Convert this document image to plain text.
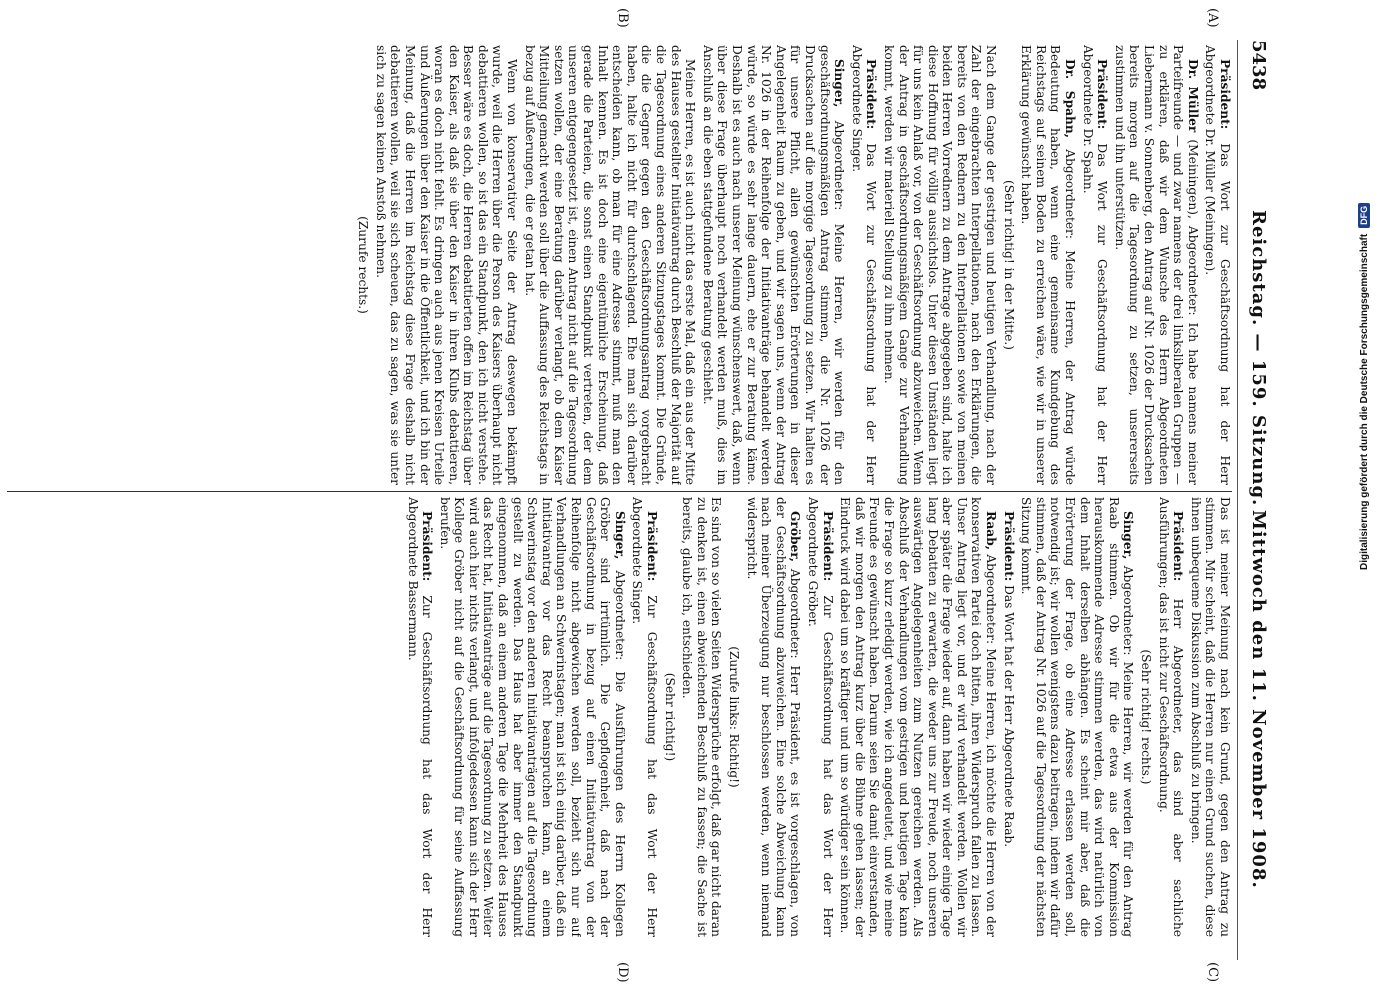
5438
Reichstag. — 159. Sitzung.
Mittwoch den 11. November 1908.
(A)
(B)
(C)
(D)

Präsident: Das Wort zur Geschäftsordnung hat der Herr Abgeordnete Dr. Müller (Meiningen).

Dr. Müller (Meiningen), Abgeordneter: Ich habe namens meiner Parteifreunde — und zwar namens der drei linksliberalen Gruppen — zu erklären, daß wir dem Wunsche des Herrn Abgeordneten Liebermann v. Sonnenberg, den Antrag auf Nr. 1026 der Drucksachen bereits morgen auf die Tagesordnung zu setzen, unsererseits zustimmen und ihn unterstützen.

Präsident: Das Wort zur Geschäftsordnung hat der Herr Abgeordnete Dr. Spahn.

Dr. Spahn, Abgeordneter: Meine Herren, der Antrag würde Bedeutung haben, wenn eine gemeinsame Kundgebung des Reichstags auf seinem Boden zu erreichen wäre, wie wir in unserer Erklärung gewünscht haben.

(Sehr richtig! in der Mitte.)

Nach dem Gange der gestrigen und heutigen Verhandlung, nach der Zahl der eingebrachten Interpellationen, nach den Erklärungen, die bereits von den Rednern zu den Interpellationen sowie von meinen beiden Herren Vorrednern zu dem Antrage abgegeben sind, halte ich diese Hoffnung für völlig aussichtslos. Unter diesen Umständen liegt für uns kein Anlaß vor, von der Geschäftsordnung abzuweichen. Wenn der Antrag in geschäftsordnungsmäßigem Gange zur Verhandlung kommt, werden wir materiell Stellung zu ihm nehmen.

Präsident: Das Wort zur Geschäftsordnung hat der Herr Abgeordnete Singer.

Singer, Abgeordneter: Meine Herren, wir werden für den geschäftsordnungsmäßigen Antrag stimmen, die Nr. 1026 der Drucksachen auf die morgige Tagesordnung zu setzen. Wir halten es für unsere Pflicht, allen gewünschten Erörterungen in dieser Angelegenheit Raum zu geben, und wir sagen uns, wenn der Antrag Nr. 1026 in der Reihenfolge der Initiativanträge behandelt werden würde, so würde es sehr lange dauern, ehe er zur Beratung käme. Deshalb ist es auch nach unserer Meinung wünschenswert, daß, wenn über diese Frage überhaupt noch verhandelt werden muß, dies im Anschluß an die eben stattgefundene Beratung geschieht.

Meine Herren, es ist auch nicht das erste Mal, daß ein aus der Mitte des Hauses gestellter Initiativantrag durch Beschluß der Majorität auf die Tagesordnung eines anderen Sitzungstages kommt. Die Gründe, die die Gegner gegen den Geschäftsordnungsantrag vorgebracht haben, halte ich nicht für durchschlagend. Ehe man sich darüber entscheiden kann, ob man für eine Adresse stimmt, muß man den Inhalt kennen. Es ist doch eine eigentümliche Erscheinung, daß gerade die Parteien, die sonst einen Standpunkt vertreten, der dem unseren entgegengesetzt ist, einen Antrag nicht auf die Tagesordnung setzen wollen, der eine Beratung darüber verlangt, ob dem Kaiser Mitteilung gemacht werden soll über die Auffassung des Reichstags in bezug auf Äußerungen, die er getan hat.

Wenn von konservativer Seite der Antrag deswegen bekämpft wurde, weil die Herren über die Person des Kaisers überhaupt nicht debattieren wollen, so ist das ein Standpunkt, den ich nicht verstehe. Besser wäre es doch, die Herren debattierten offen im Reichstag über den Kaiser, als daß sie über den Kaiser in ihren Klubs debattieren, woran es doch nicht fehlt. Es dringen auch aus jenen Kreisen Urteile und Äußerungen über den Kaiser in die Öffentlichkeit, und ich bin der Meinung, daß die Herren im Reichstag diese Frage deshalb nicht debattieren wollen, weil sie sich scheuen, das zu sagen, was sie unter sich zu sagen keinen Anstoß nehmen.

(Zurufe rechts.)

Das ist meiner Meinung nach kein Grund, gegen den Antrag zu stimmen. Mir scheint, daß die Herren nur einen Grund suchen, diese ihnen unbequeme Diskussion zum Abschluß zu bringen.

Präsident: Herr Abgeordneter, das sind aber sachliche Ausführungen; das ist nicht zur Geschäftsordnung.

(Sehr richtig! rechts.)

Singer, Abgeordneter: Meine Herren, wir werden für den Antrag Raab stimmen. Ob wir für die etwa aus der Kommission herauskommende Adresse stimmen werden, das wird natürlich von dem Inhalt derselben abhängen. Es scheint mir aber, daß die Erörterung der Frage, ob eine Adresse erlassen werden soll, notwendig ist; wir wollen wenigstens dazu beitragen, indem wir dafür stimmen, daß der Antrag Nr. 1026 auf die Tagesordnung der nächsten Sitzung kommt.

Präsident: Das Wort hat der Herr Abgeordnete Raab.

Raab, Abgeordneter: Meine Herren, ich möchte die Herren von der konservativen Partei doch bitten, ihren Widerspruch fallen zu lassen. Unser Antrag liegt vor, und er wird verhandelt werden. Wollen wir aber später die Frage wieder auf, dann haben wir wieder einige Tage lang Debatten zu erwarten, die weder uns zur Freude, noch unseren auswärtigen Angelegenheiten zum Nutzen gereichen werden. Als Abschluß der Verhandlungen vom gestrigen und heutigen Tage kann die Frage so kurz erledigt werden, wie ich angedeutet, und wie meine Freunde es gewünscht haben. Darum seien Sie damit einverstanden, daß wir morgen den Antrag kurz über die Bühne gehen lassen; der Eindruck wird dabei um so kräftiger und um so würdiger sein können.

Präsident: Zur Geschäftsordnung hat das Wort der Herr Abgeordnete Gröber.

Gröber, Abgeordneter: Herr Präsident, es ist vorgeschlagen, von der Geschäftsordnung abzuweichen. Eine solche Abweichung kann nach meiner Überzeugung nur beschlossen werden, wenn niemand widerspricht.

(Zurufe links: Richtig!)

Es sind von so vielen Seiten Widersprüche erfolgt, daß gar nicht daran zu denken ist, einen abweichenden Beschluß zu fassen; die Sache ist bereits, glaube ich, entschieden.

(Sehr richtig!)

Präsident: Zur Geschäftsordnung hat das Wort der Herr Abgeordnete Singer.

Singer, Abgeordneter: Die Ausführungen des Herrn Kollegen Gröber sind irrtümlich. Die Gepflogenheit, daß nach der Geschäftsordnung in bezug auf einen Initiativantrag von der Reihenfolge nicht abgewichen werden soll, bezieht sich nur auf Verhandlungen an Schwerinstagen; man ist sich einig darüber, daß ein Initiativantrag vor das Recht beanspruchen kann, an einem Schwerinstag vor den anderen Initiativanträgen auf die Tagesordnung gestellt zu werden. Das Haus hat aber immer den Standpunkt eingenommen, daß an einem anderen Tage die Mehrheit des Hauses das Recht hat, Initiativanträge auf die Tagesordnung zu setzen. Weiter wird auch hier nichts verlangt, und infolgedessen kann sich der Herr Kollege Gröber nicht auf die Geschäftsordnung für seine Auffassung berufen.

Präsident: Zur Geschäftsordnung hat das Wort der Herr Abgeordnete Bassermann.

Digitalisierung gefördert durch die Deutsche Forschungsgemeinschaft
DFG
